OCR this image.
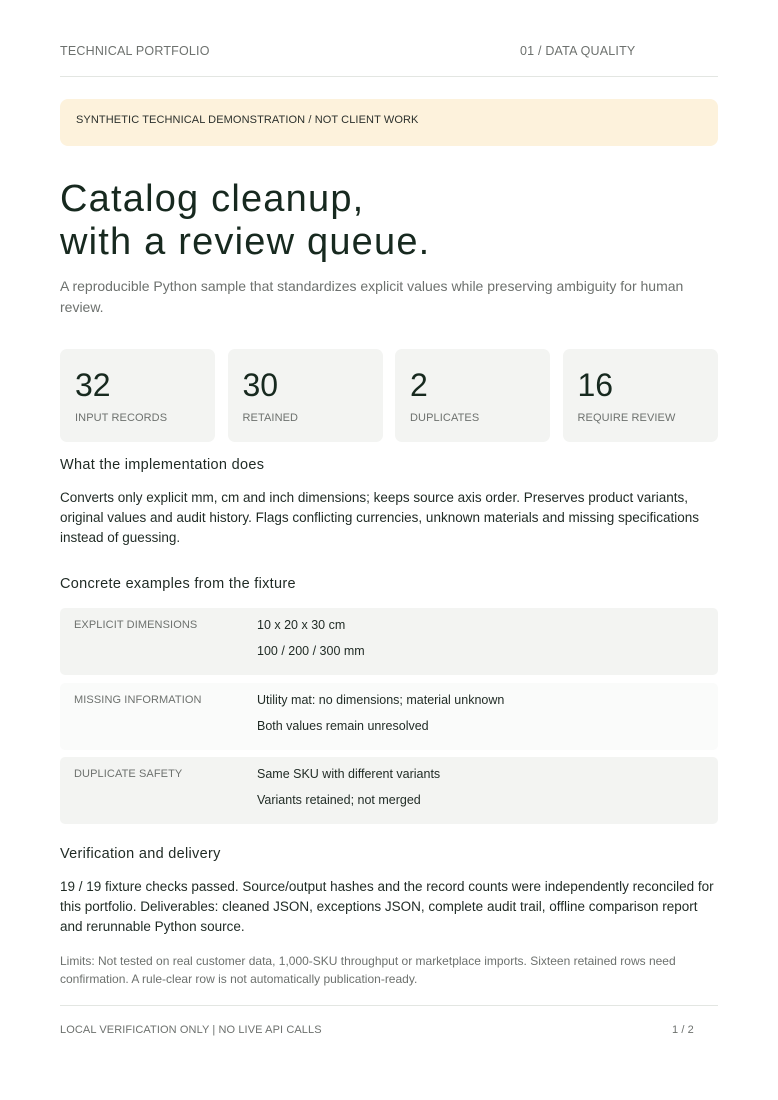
TECHNICAL PORTFOLIO	01 / DATA QUALITY
SYNTHETIC TECHNICAL DEMONSTRATION / NOT CLIENT WORK
Catalog cleanup,
with a review queue.

A reproducible Python sample that standardizes explicit values while preserving ambiguity for human review.

32
INPUT RECORDS
30
RETAINED
2
DUPLICATES
16
REQUIRE REVIEW
What the implementation does

Converts only explicit mm, cm and inch dimensions; keeps source axis order. Preserves product variants, original values and audit history. Flags conflicting currencies, unknown materials and missing specifications instead of guessing.

Concrete examples from the fixture
EXPLICIT DIMENSIONS	10 x 20 x 30 cm
100 / 200 / 300 mm
MISSING INFORMATION	Utility mat: no dimensions; material unknown
Both values remain unresolved
DUPLICATE SAFETY	Same SKU with different variants
Variants retained; not merged
Verification and delivery

19 / 19 fixture checks passed. Source/output hashes and the record counts were independently reconciled for this portfolio. Deliverables: cleaned JSON, exceptions JSON, complete audit trail, offline comparison report and rerunnable Python source.

Limits: Not tested on real customer data, 1,000-SKU throughput or marketplace imports. Sixteen retained rows need confirmation. A rule-clear row is not automatically publication-ready.

LOCAL VERIFICATION ONLY | NO LIVE API CALLS	1 / 2
